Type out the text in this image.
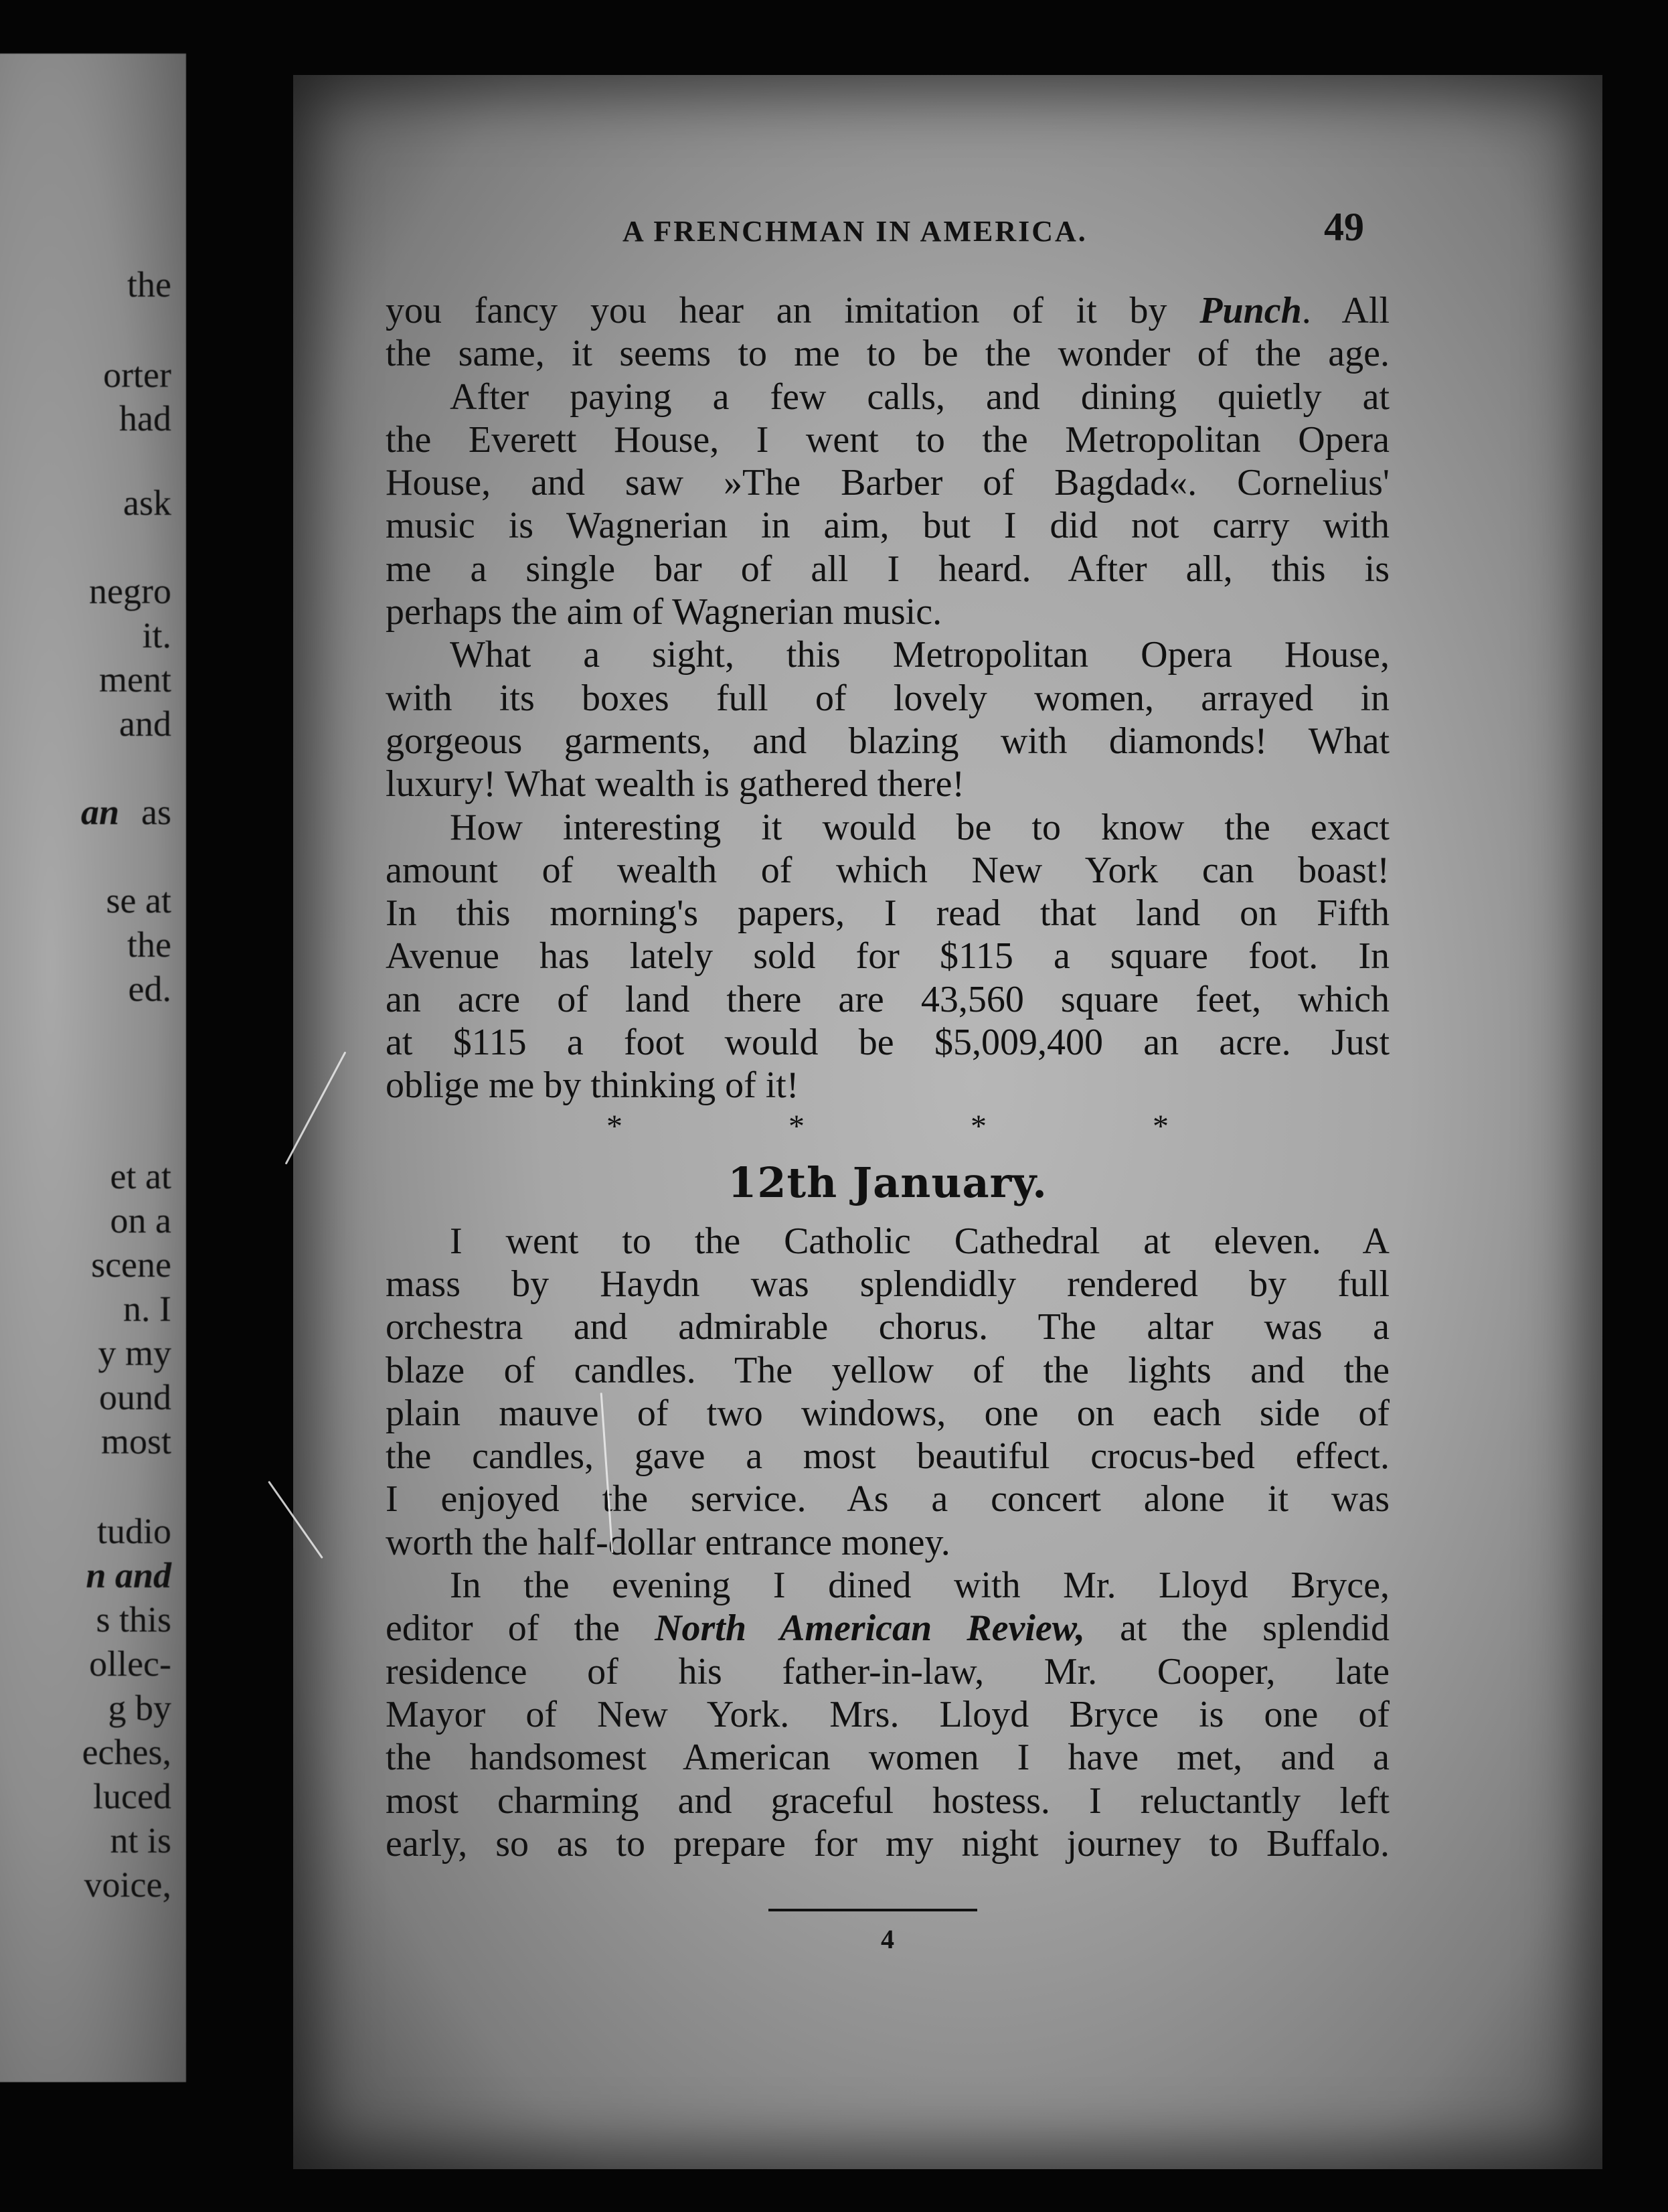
the
orter
had
ask
negro
it.
ment
and
an as
se at
the
ed.
et at
on a
scene
n. I
y my
ound
most
tudio
n and
s this
ollec-
g by
eches,
luced
nt is
voice,
A FRENCHMAN IN AMERICA.	49
you fancy you hear an imitation of it by Punch. All
the same, it seems to me to be the wonder of the age.
After paying a few calls, and dining quietly at
the Everett House, I went to the Metropolitan Opera
House, and saw »The Barber of Bagdad«. Cornelius'
music is Wagnerian in aim, but I did not carry with
me a single bar of all I heard. After all, this is
perhaps the aim of Wagnerian music.
What a sight, this Metropolitan Opera House,
with its boxes full of lovely women, arrayed in
gorgeous garments, and blazing with diamonds! What
luxury! What wealth is gathered there!
How interesting it would be to know the exact
amount of wealth of which New York can boast!
In this morning's papers, I read that land on Fifth
Avenue has lately sold for $115 a square foot. In
an acre of land there are 43,560 square feet, which
at $115 a foot would be $5,009,400 an acre. Just
oblige me by thinking of it!
*	*	*	*
12th January.
I went to the Catholic Cathedral at eleven. A
mass by Haydn was splendidly rendered by full
orchestra and admirable chorus. The altar was a
blaze of candles. The yellow of the lights and the
plain mauve of two windows, one on each side of
the candles, gave a most beautiful crocus-bed effect.
I enjoyed the service. As a concert alone it was
worth the half-dollar entrance money.
In the evening I dined with Mr. Lloyd Bryce,
editor of the North American Review, at the splendid
residence of his father-in-law, Mr. Cooper, late
Mayor of New York. Mrs. Lloyd Bryce is one of
the handsomest American women I have met, and a
most charming and graceful hostess. I reluctantly left
early, so as to prepare for my night journey to Buffalo.
4
